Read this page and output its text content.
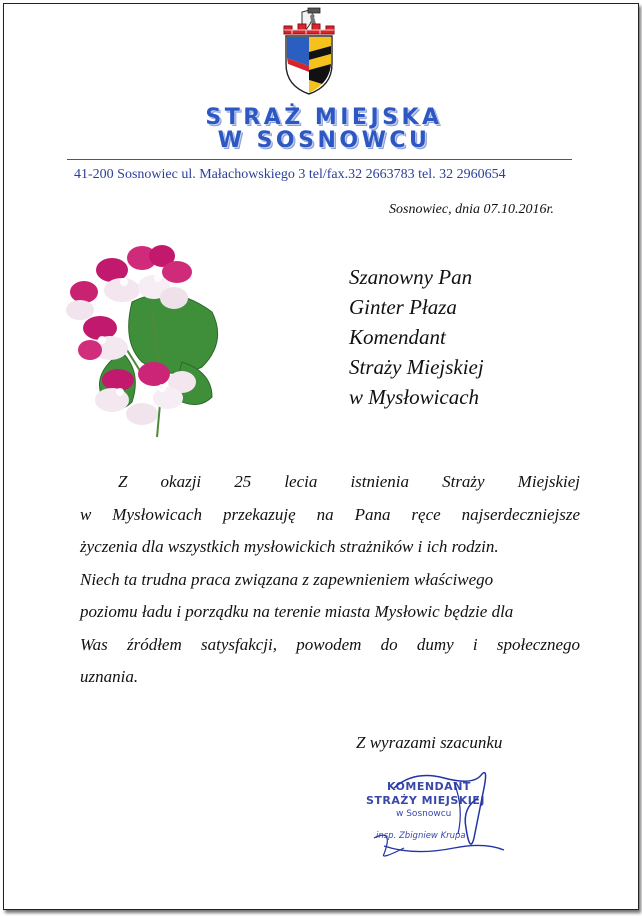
STRAŻ MIEJSKA
W SOSNOWCU
41-200 Sosnowiec ul. Małachowskiego 3 tel/fax.32 2663783 tel. 32 2960654
Sosnowiec, dnia 07.10.2016r.
Szanowny Pan
Ginter Płaza
Komendant
Straży Miejskiej
w Mysłowicach
Z okazji 25 lecia istnienia Straży Miejskiej
w Mysłowicach przekazuję na Pana ręce najserdeczniejsze
życzenia dla wszystkich mysłowickich strażników i ich rodzin.
Niech ta trudna praca związana z zapewnieniem właściwego
poziomu ładu i porządku na terenie miasta Mysłowic będzie dla
Was źródłem satysfakcji, powodem do dumy i społecznego
uznania.
Z wyrazami szacunku
KOMENDANT
STRAŻY MIEJSKIEJ
w Sosnowcu
insp. Zbigniew Krupa
